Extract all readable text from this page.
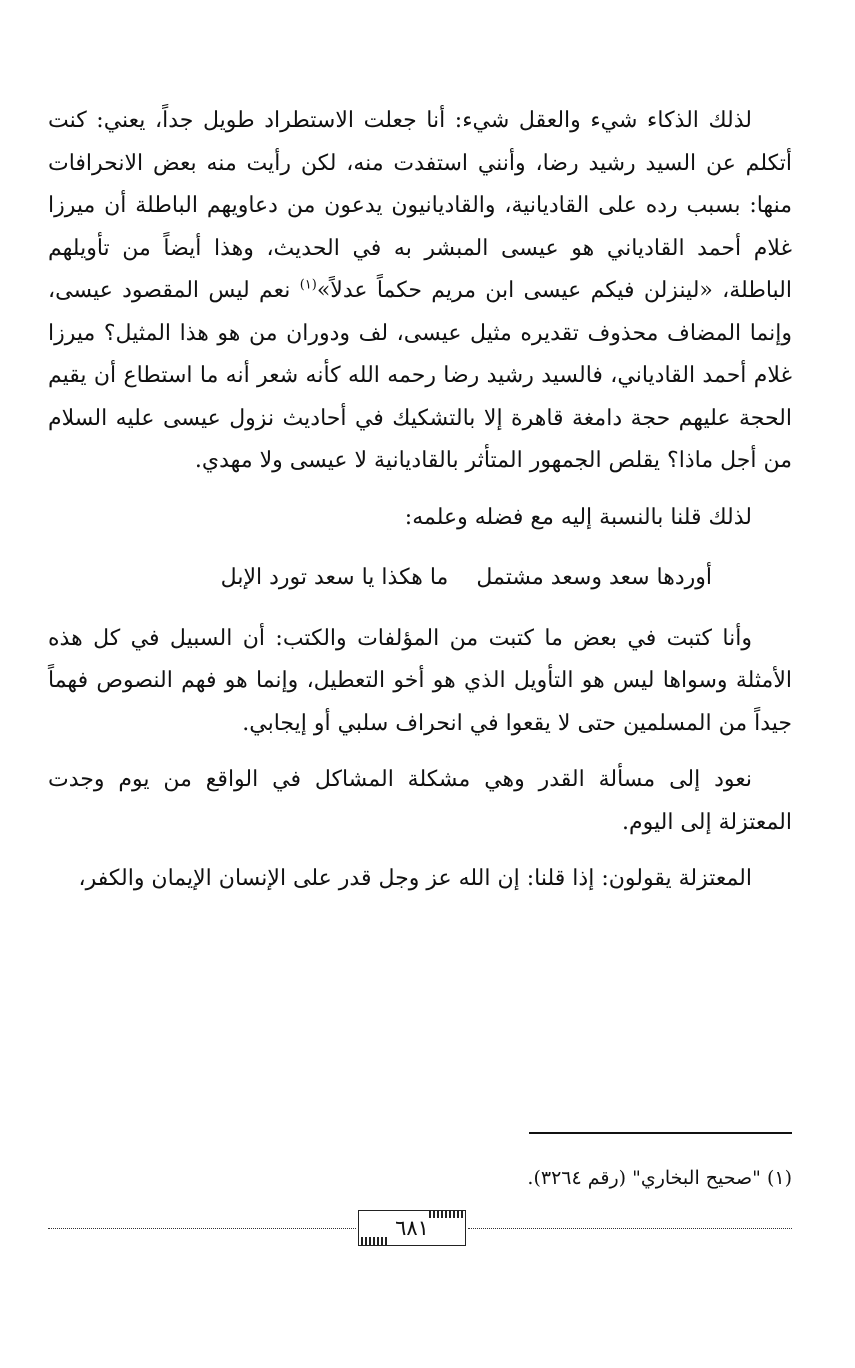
لذلك الذكاء شيء والعقل شيء: أنا جعلت الاستطراد طويل جداً، يعني: كنت أتكلم عن السيد رشيد رضا، وأنني استفدت منه، لكن رأيت منه بعض الانحرافات منها: بسبب رده على القاديانية، والقاديانيون يدعون من دعاويهم الباطلة أن ميرزا غلام أحمد القادياني هو عيسى المبشر به في الحديث، وهذا أيضاً من تأويلهم الباطلة، «لينزلن فيكم عيسى ابن مريم حكماً عدلاً»$^{(١)}$ نعم ليس المقصود عيسى، وإنما المضاف محذوف تقديره مثيل عيسى، لف ودوران من هو هذا المثيل؟ ميرزا غلام أحمد القادياني، فالسيد رشيد رضا رحمه الله كأنه شعر أنه ما استطاع أن يقيم الحجة عليهم حجة دامغة قاهرة إلا بالتشكيك في أحاديث نزول عيسى عليه السلام من أجل ماذا؟ يقلص الجمهور المتأثر بالقاديانية لا عيسى ولا مهدي.

لذلك قلنا بالنسبة إليه مع فضله وعلمه:

أوردها سعد وسعد مشتمل
ما هكذا يا سعد تورد الإبل

وأنا كتبت في بعض ما كتبت من المؤلفات والكتب: أن السبيل في كل هذه الأمثلة وسواها ليس هو التأويل الذي هو أخو التعطيل، وإنما هو فهم النصوص فهماً جيداً من المسلمين حتى لا يقعوا في انحراف سلبي أو إيجابي.

نعود إلى مسألة القدر وهي مشكلة المشاكل في الواقع من يوم وجدت المعتزلة إلى اليوم.

المعتزلة يقولون: إذا قلنا: إن الله عز وجل قدر على الإنسان الإيمان والكفر،

(١) "صحيح البخاري" (رقم ٣٢٦٤).

٦٨١
